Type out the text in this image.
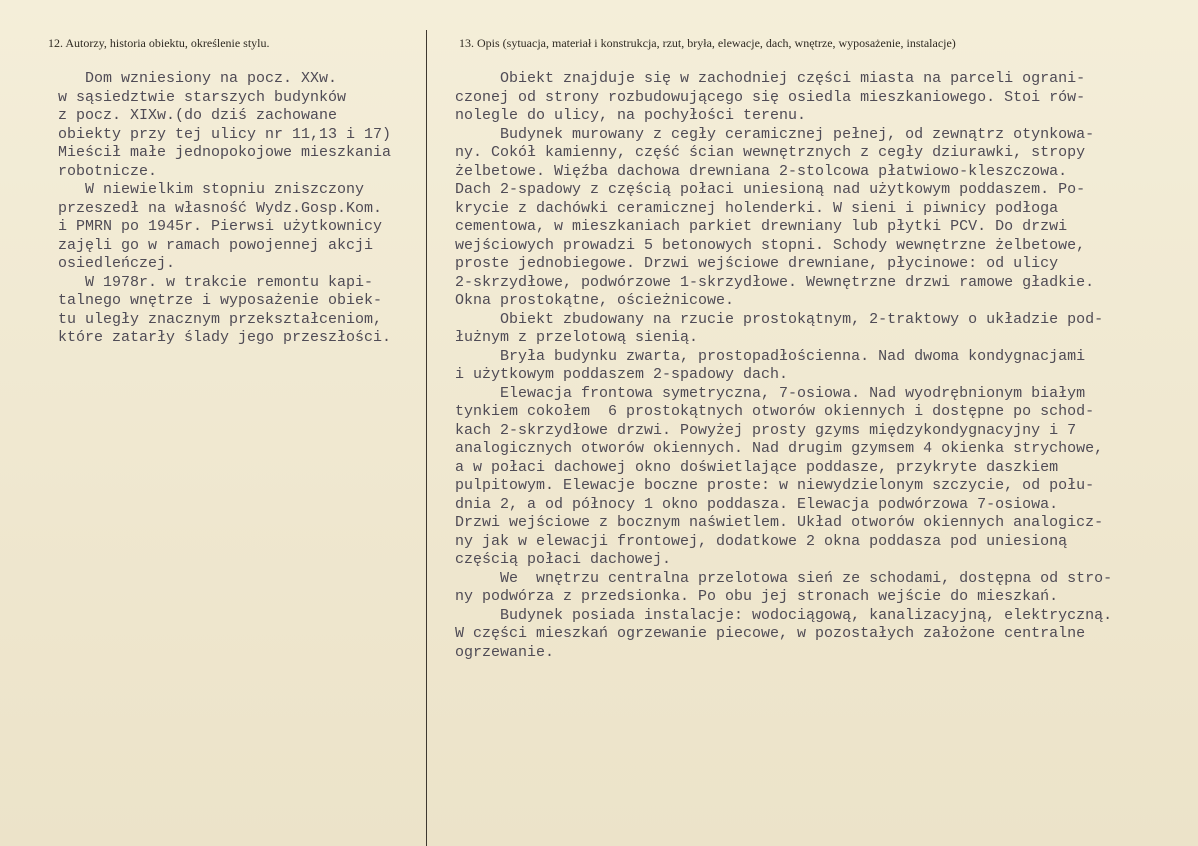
12. Autorzy, historia obiektu, określenie stylu.	13. Opis (sytuacja, materiał i konstrukcja, rzut, bryła, elewacje, dach, wnętrze, wyposażenie, instalacje)
Dom wzniesiony na pocz. XXw.
w sąsiedztwie starszych budynków
z pocz. XIXw.(do dziś zachowane
obiekty przy tej ulicy nr 11,13 i 17)
Mieścił małe jednopokojowe mieszkania
robotnicze.
W niewielkim stopniu zniszczony
przeszedł na własność Wydz.Gosp.Kom.
i PMRN po 1945r. Pierwsi użytkownicy
zajęli go w ramach powojennej akcji
osiedleńczej.
W 1978r. w trakcie remontu kapi-
talnego wnętrze i wyposażenie obiek-
tu uległy znacznym przekształceniom,
które zatarły ślady jego przeszłości.
Obiekt znajduje się w zachodniej części miasta na parceli ograni-
czonej od strony rozbudowującego się osiedla mieszkaniowego. Stoi rów-
nolegle do ulicy, na pochyłości terenu.
Budynek murowany z cegły ceramicznej pełnej, od zewnątrz otynkowa-
ny. Cokół kamienny, część ścian wewnętrznych z cegły dziurawki, stropy
żelbetowe. Więźba dachowa drewniana 2-stolcowa płatwiowo-kleszczowa.
Dach 2-spadowy z częścią połaci uniesioną nad użytkowym poddaszem. Po-
krycie z dachówki ceramicznej holenderki. W sieni i piwnicy podłoga
cementowa, w mieszkaniach parkiet drewniany lub płytki PCV. Do drzwi
wejściowych prowadzi 5 betonowych stopni. Schody wewnętrzne żelbetowe,
proste jednobiegowe. Drzwi wejściowe drewniane, płycinowe: od ulicy
2-skrzydłowe, podwórzowe 1-skrzydłowe. Wewnętrzne drzwi ramowe gładkie.
Okna prostokątne, ościeżnicowe.
Obiekt zbudowany na rzucie prostokątnym, 2-traktowy o układzie pod-
łużnym z przelotową sienią.
Bryła budynku zwarta, prostopadłościenna. Nad dwoma kondygnacjami
i użytkowym poddaszem 2-spadowy dach.
Elewacja frontowa symetryczna, 7-osiowa. Nad wyodrębnionym białym
tynkiem cokołem  6 prostokątnych otworów okiennych i dostępne po schod-
kach 2-skrzydłowe drzwi. Powyżej prosty gzyms międzykondygnacyjny i 7
analogicznych otworów okiennych. Nad drugim gzymsem 4 okienka strychowe,
a w połaci dachowej okno doświetlające poddasze, przykryte daszkiem
pulpitowym. Elewacje boczne proste: w niewydzielonym szczycie, od połu-
dnia 2, a od północy 1 okno poddasza. Elewacja podwórzowa 7-osiowa.
Drzwi wejściowe z bocznym naświetlem. Układ otworów okiennych analogicz-
ny jak w elewacji frontowej, dodatkowe 2 okna poddasza pod uniesioną
częścią połaci dachowej.
We  wnętrzu centralna przelotowa sień ze schodami, dostępna od stro-
ny podwórza z przedsionka. Po obu jej stronach wejście do mieszkań.
Budynek posiada instalacje: wodociągową, kanalizacyjną, elektryczną.
W części mieszkań ogrzewanie piecowe, w pozostałych założone centralne
ogrzewanie.
